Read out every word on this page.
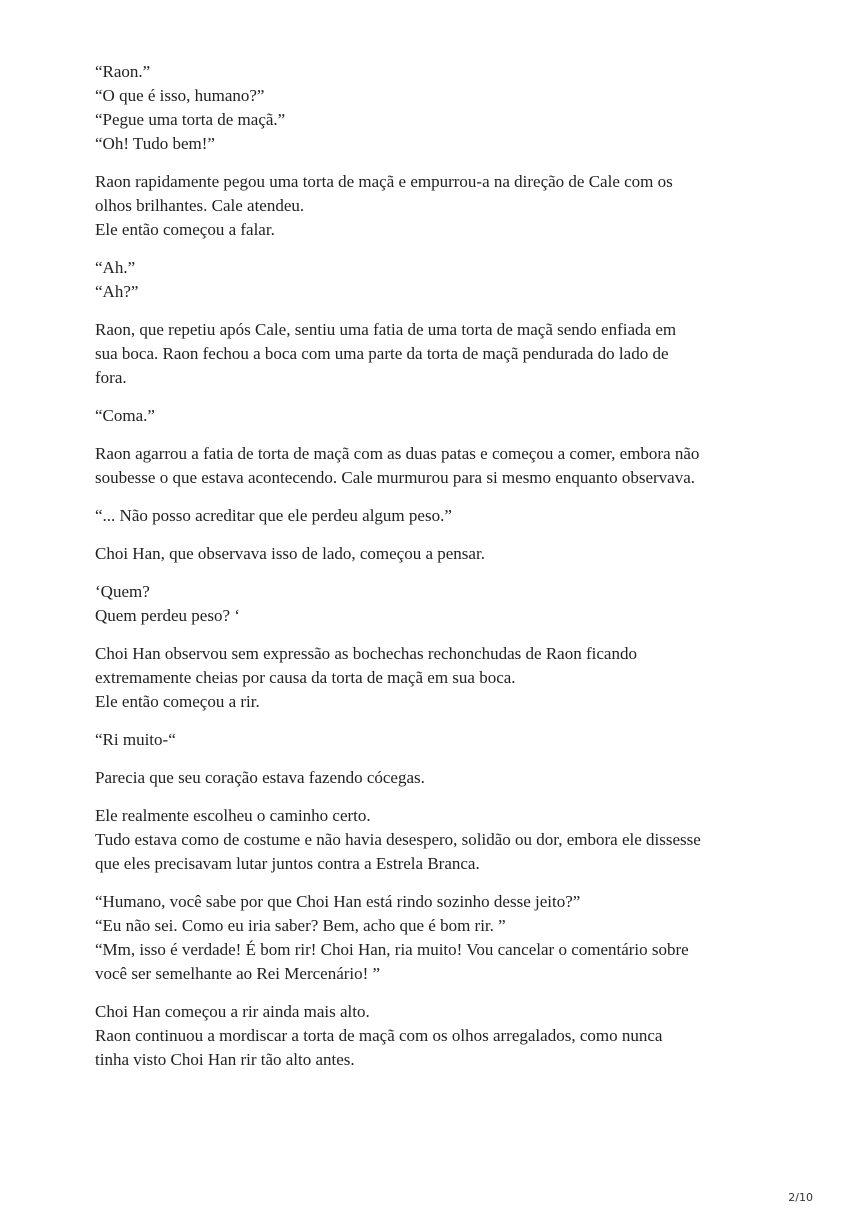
“Raon.”
“O que é isso, humano?”
“Pegue uma torta de maçã.”
“Oh! Tudo bem!”
Raon rapidamente pegou uma torta de maçã e empurrou-a na direção de Cale com os
olhos brilhantes. Cale atendeu.
Ele então começou a falar.
“Ah.”
“Ah?”
Raon, que repetiu após Cale, sentiu uma fatia de uma torta de maçã sendo enfiada em
sua boca. Raon fechou a boca com uma parte da torta de maçã pendurada do lado de
fora.
“Coma.”
Raon agarrou a fatia de torta de maçã com as duas patas e começou a comer, embora não
soubesse o que estava acontecendo. Cale murmurou para si mesmo enquanto observava.
“... Não posso acreditar que ele perdeu algum peso.”
Choi Han, que observava isso de lado, começou a pensar.
‘Quem?
Quem perdeu peso? ‘
Choi Han observou sem expressão as bochechas rechonchudas de Raon ficando
extremamente cheias por causa da torta de maçã em sua boca.
Ele então começou a rir.
“Ri muito-“
Parecia que seu coração estava fazendo cócegas.
Ele realmente escolheu o caminho certo.
Tudo estava como de costume e não havia desespero, solidão ou dor, embora ele dissesse
que eles precisavam lutar juntos contra a Estrela Branca.
“Humano, você sabe por que Choi Han está rindo sozinho desse jeito?”
“Eu não sei. Como eu iria saber? Bem, acho que é bom rir. ”
“Mm, isso é verdade! É bom rir! Choi Han, ria muito! Vou cancelar o comentário sobre
você ser semelhante ao Rei Mercenário! ”
Choi Han começou a rir ainda mais alto.
Raon continuou a mordiscar a torta de maçã com os olhos arregalados, como nunca
tinha visto Choi Han rir tão alto antes.
2/10
